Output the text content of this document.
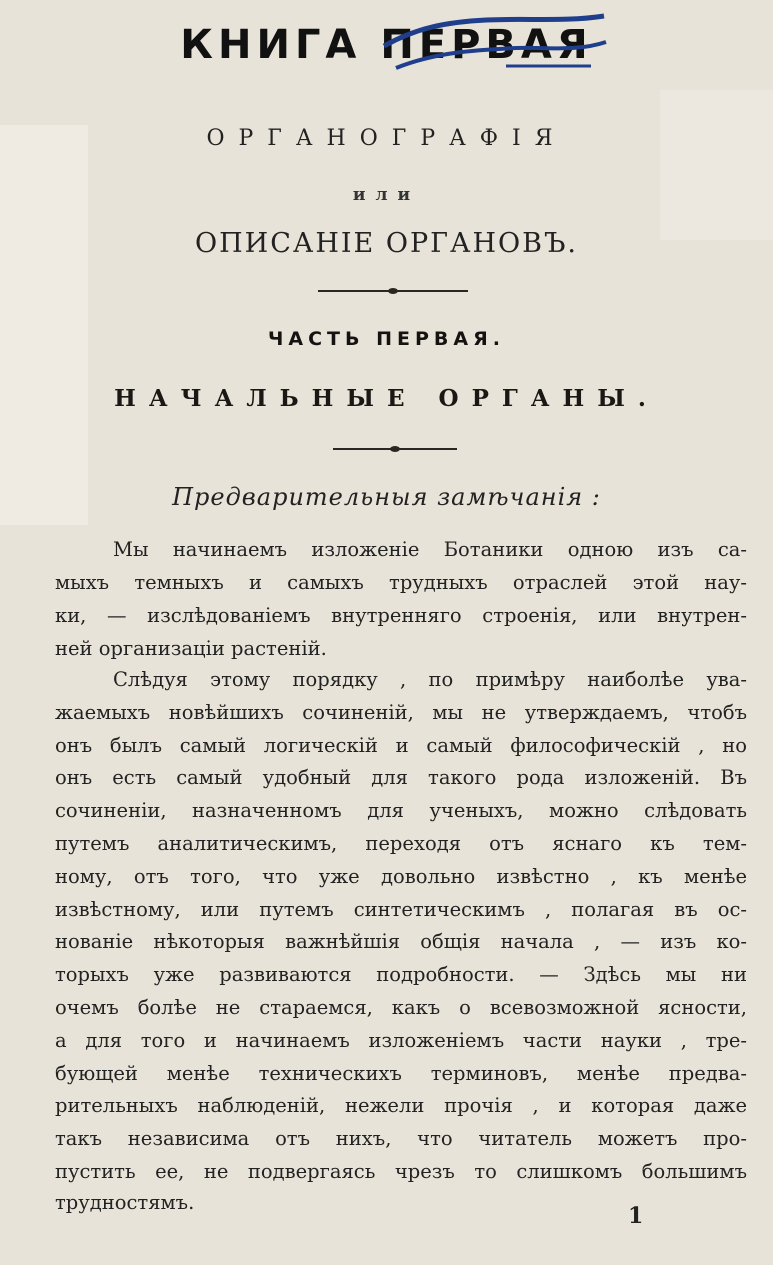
КНИГА ПЕРВАЯ
ОРГАНОГРАФІЯ
или
ОПИСАНІЕ ОРГАНОВЪ.
ЧАСТЬ ПЕРВАЯ.
НАЧАЛЬНЫЕ ОРГАНЫ.
Предварительныя замѣчанія :
Мы начинаемъ изложеніе Ботаники одною изъ са-
мыхъ темныхъ и самыхъ трудныхъ отраслей этой нау-
ки, — изслѣдованіемъ внутренняго строенія, или внутрен-
ней организаціи растеній.
Слѣдуя этому порядку , по примѣру наиболѣе ува-
жаемыхъ новѣйшихъ сочиненій, мы не утверждаемъ, чтобъ
онъ былъ самый логическій и самый философическій , но
онъ есть самый удобный для такого рода изложеній. Въ
сочиненіи, назначенномъ для ученыхъ, можно слѣдовать
путемъ аналитическимъ, переходя отъ яснаго къ тем-
ному, отъ того, что уже довольно извѣстно , къ менѣе
извѣстному, или путемъ синтетическимъ , полагая въ ос-
нованіе нѣкоторыя важнѣйшія общія начала , — изъ ко-
торыхъ уже развиваются подробности. — Здѣсь мы ни
очемъ болѣе не стараемся, какъ о всевозможной ясности,
а для того и начинаемъ изложеніемъ части науки , тре-
бующей менѣе техническихъ терминовъ, менѣе предва-
рительныхъ наблюденій, нежели прочія , и которая даже
такъ независима отъ нихъ, что читатель можетъ про-
пустить ее, не подвергаясь чрезъ то слишкомъ большимъ
трудностямъ.
1
